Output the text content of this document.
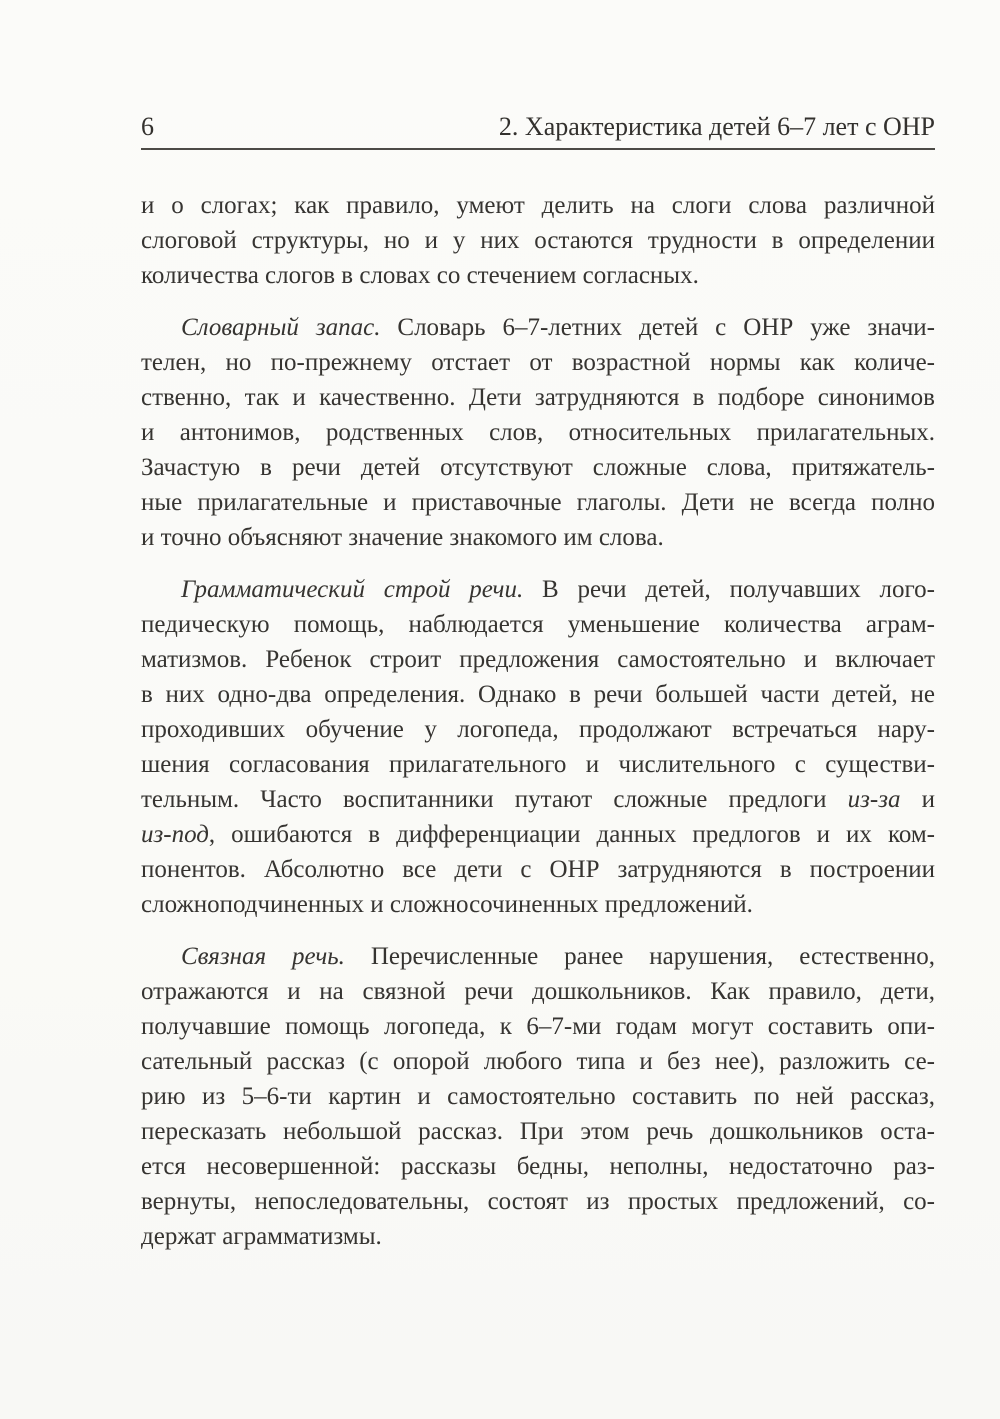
6	2. Характеристика детей 6–7 лет с ОНР
и о слогах; как правило, умеют делить на слоги слова различной
слоговой структуры, но и у них остаются трудности в определении
количества слогов в словах со стечением согласных.
Словарный запас. Словарь 6–7-летних детей с ОНР уже значи-
телен, но по-прежнему отстает от возрастной нормы как количе-
ственно, так и качественно. Дети затрудняются в подборе синонимов
и антонимов, родственных слов, относительных прилагательных.
Зачастую в речи детей отсутствуют сложные слова, притяжатель-
ные прилагательные и приставочные глаголы. Дети не всегда полно
и точно объясняют значение знакомого им слова.
Грамматический строй речи. В речи детей, получавших лого-
педическую помощь, наблюдается уменьшение количества аграм-
матизмов. Ребенок строит предложения самостоятельно и включает
в них одно-два определения. Однако в речи большей части детей, не
проходивших обучение у логопеда, продолжают встречаться нару-
шения согласования прилагательного и числительного с существи-
тельным. Часто воспитанники путают сложные предлоги из-за и
из-под, ошибаются в дифференциации данных предлогов и их ком-
понентов. Абсолютно все дети с ОНР затрудняются в построении
сложноподчиненных и сложносочиненных предложений.
Связная речь. Перечисленные ранее нарушения, естественно,
отражаются и на связной речи дошкольников. Как правило, дети,
получавшие помощь логопеда, к 6–7-ми годам могут составить опи-
сательный рассказ (с опорой любого типа и без нее), разложить се-
рию из 5–6-ти картин и самостоятельно составить по ней рассказ,
пересказать небольшой рассказ. При этом речь дошкольников оста-
ется несовершенной: рассказы бедны, неполны, недостаточно раз-
вернуты, непоследовательны, состоят из простых предложений, со-
держат аграмматизмы.
